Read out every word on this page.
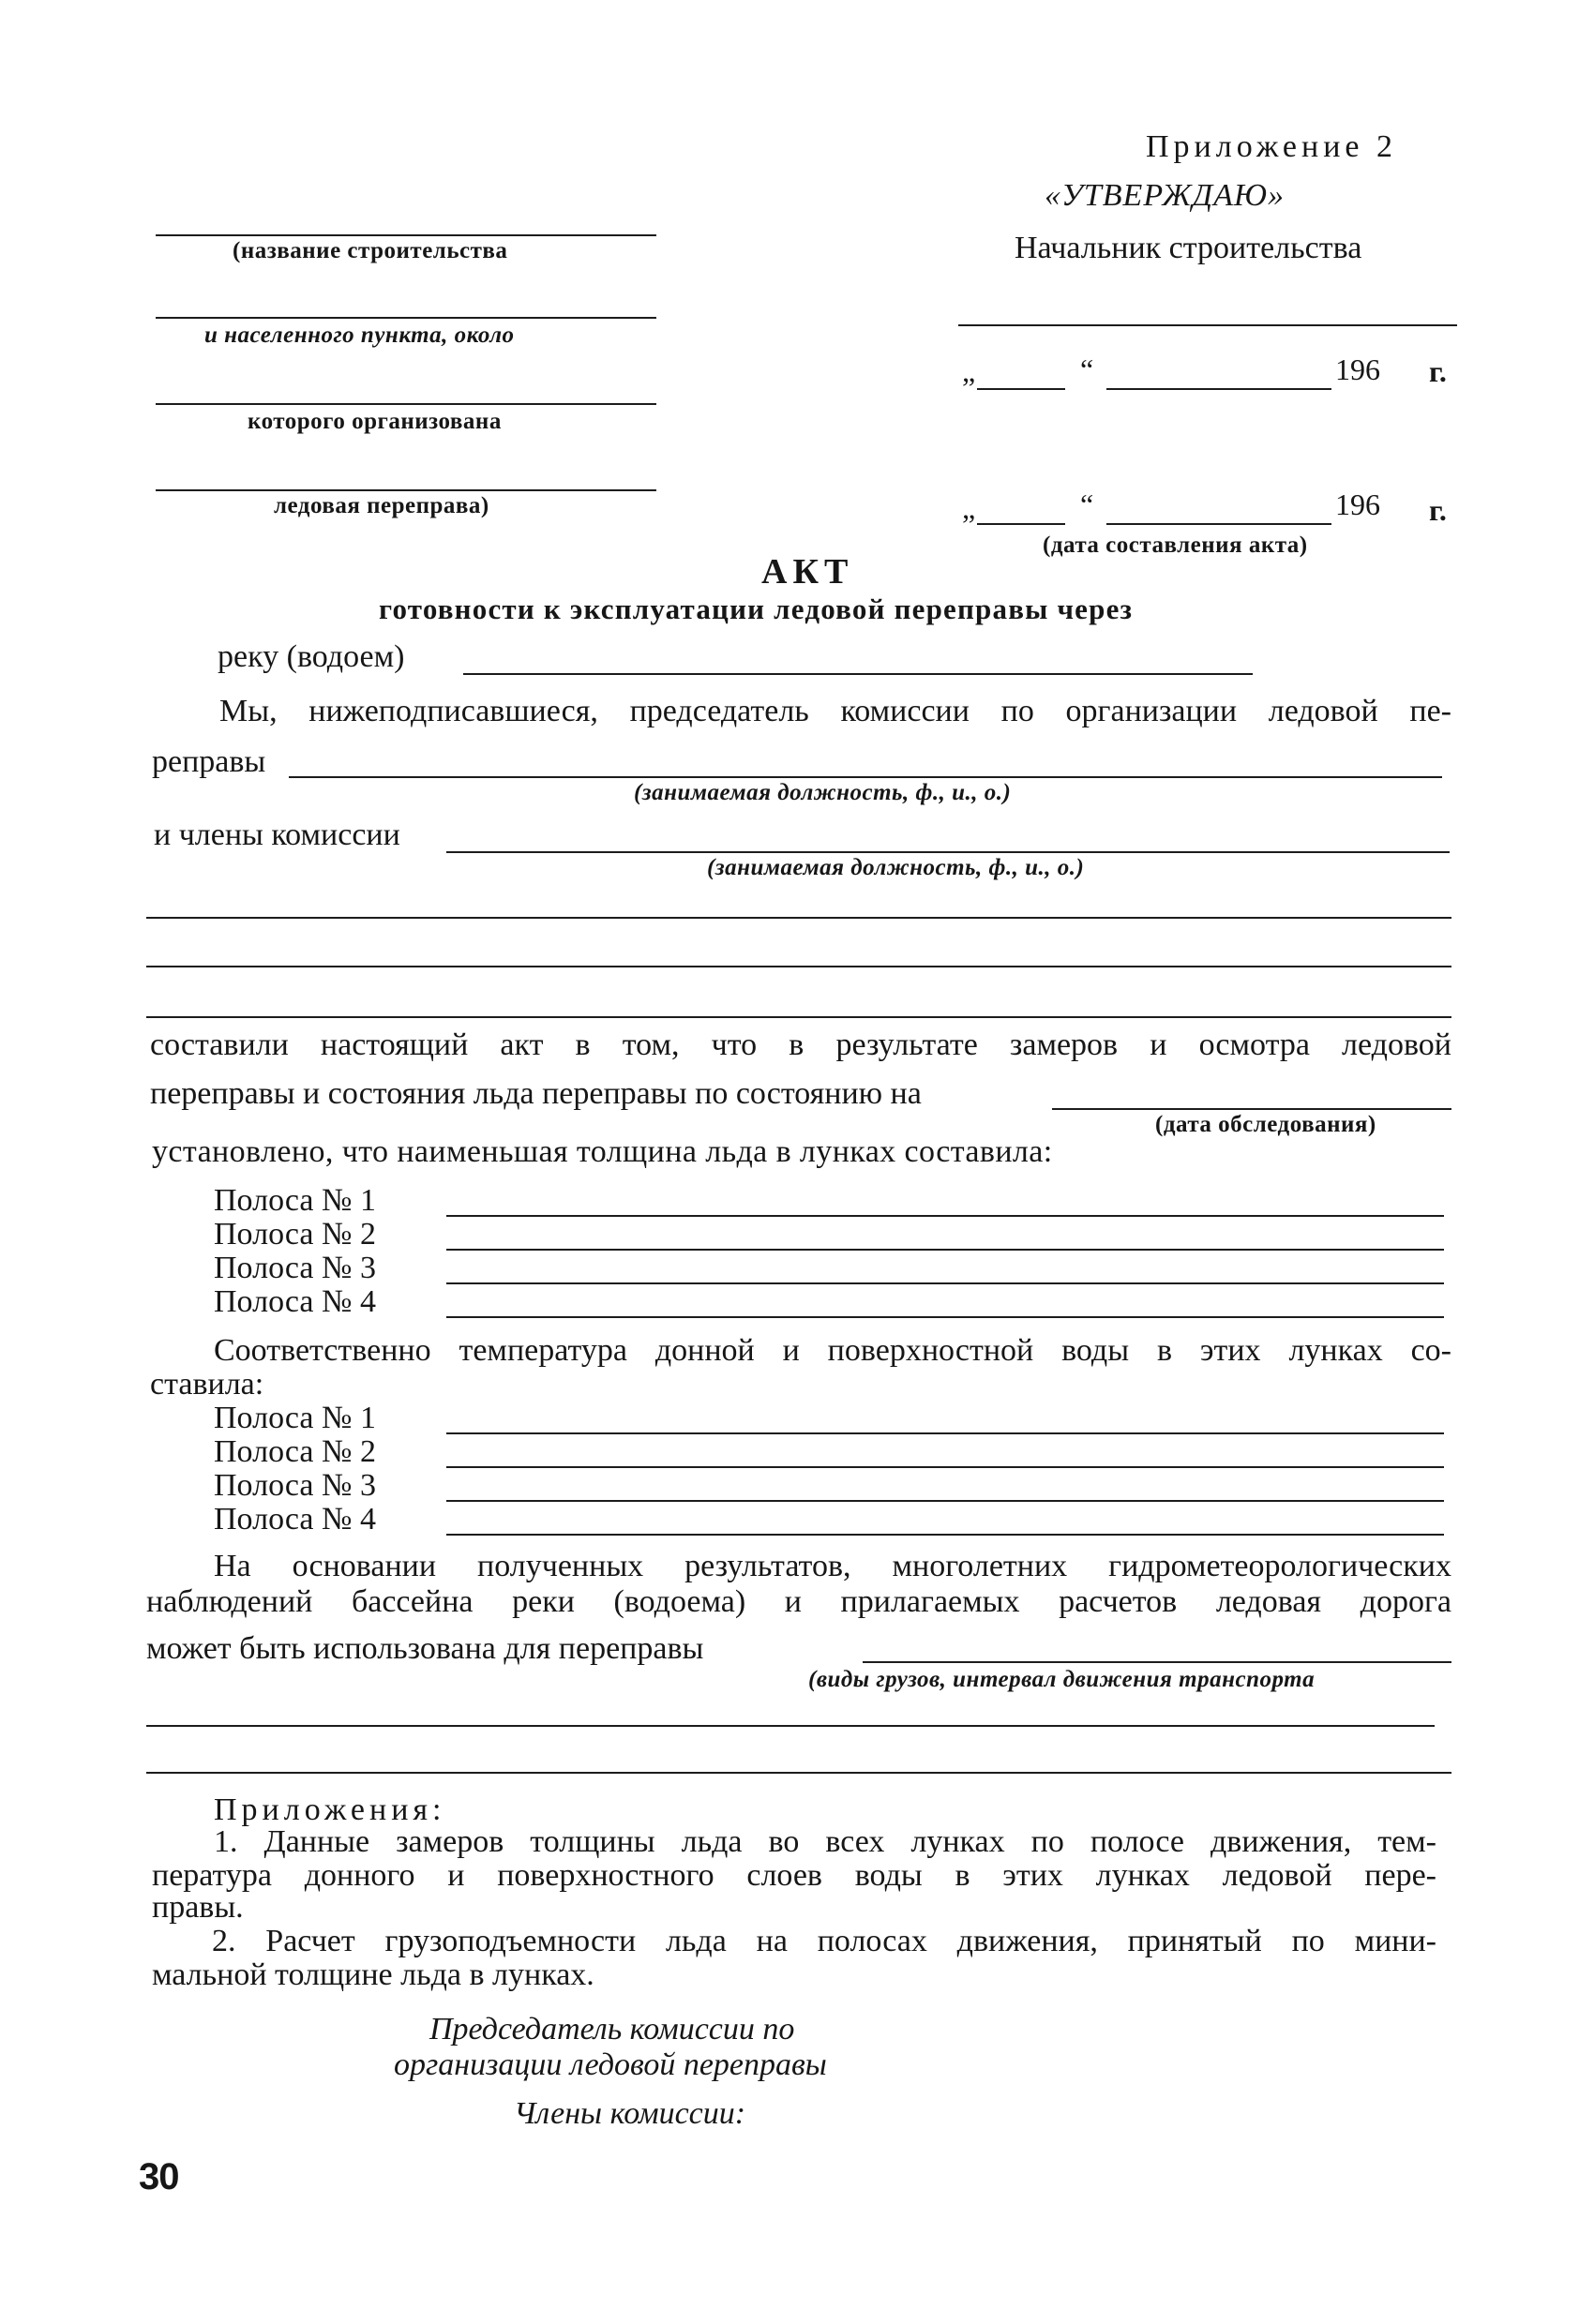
Приложение 2
«УТВЕРЖДАЮ»
Начальник строительства
„	“	196 г.
„	“	196 г.
(дата составления акта)
(название строительства
и населенного пункта, около
которого организована
ледовая переправа)
АКТ
готовности к эксплуатации ледовой переправы через
реку (водоем)
Мы, нижеподписавшиеся, председатель комиссии по организации ледовой пе-
реправы
(занимаемая должность, ф., и., о.)
и члены комиссии
(занимаемая должность, ф., и., о.)
составили настоящий акт в том, что в результате замеров и осмотра ледовой
переправы и состояния льда переправы по состоянию на
(дата обследования)
установлено, что наименьшая толщина льда в лунках составила:
Полоса № 1
Полоса № 2
Полоса № 3
Полоса № 4
Соответственно температура донной и поверхностной воды в этих лунках со-
ставила:
Полоса № 1
Полоса № 2
Полоса № 3
Полоса № 4
На основании полученных результатов, многолетних гидрометеорологических
наблюдений бассейна реки (водоема) и прилагаемых расчетов ледовая дорога
может быть использована для переправы
(виды грузов, интервал движения транспорта
Приложения:
1. Данные замеров толщины льда во всех лунках по полосе движения, тем-
пература донного и поверхностного слоев воды в этих лунках ледовой пере-
правы.
2. Расчет грузоподъемности льда на полосах движения, принятый по мини-
мальной толщине льда в лунках.
Председатель комиссии по
организации ледовой переправы
Члены комиссии:
30
